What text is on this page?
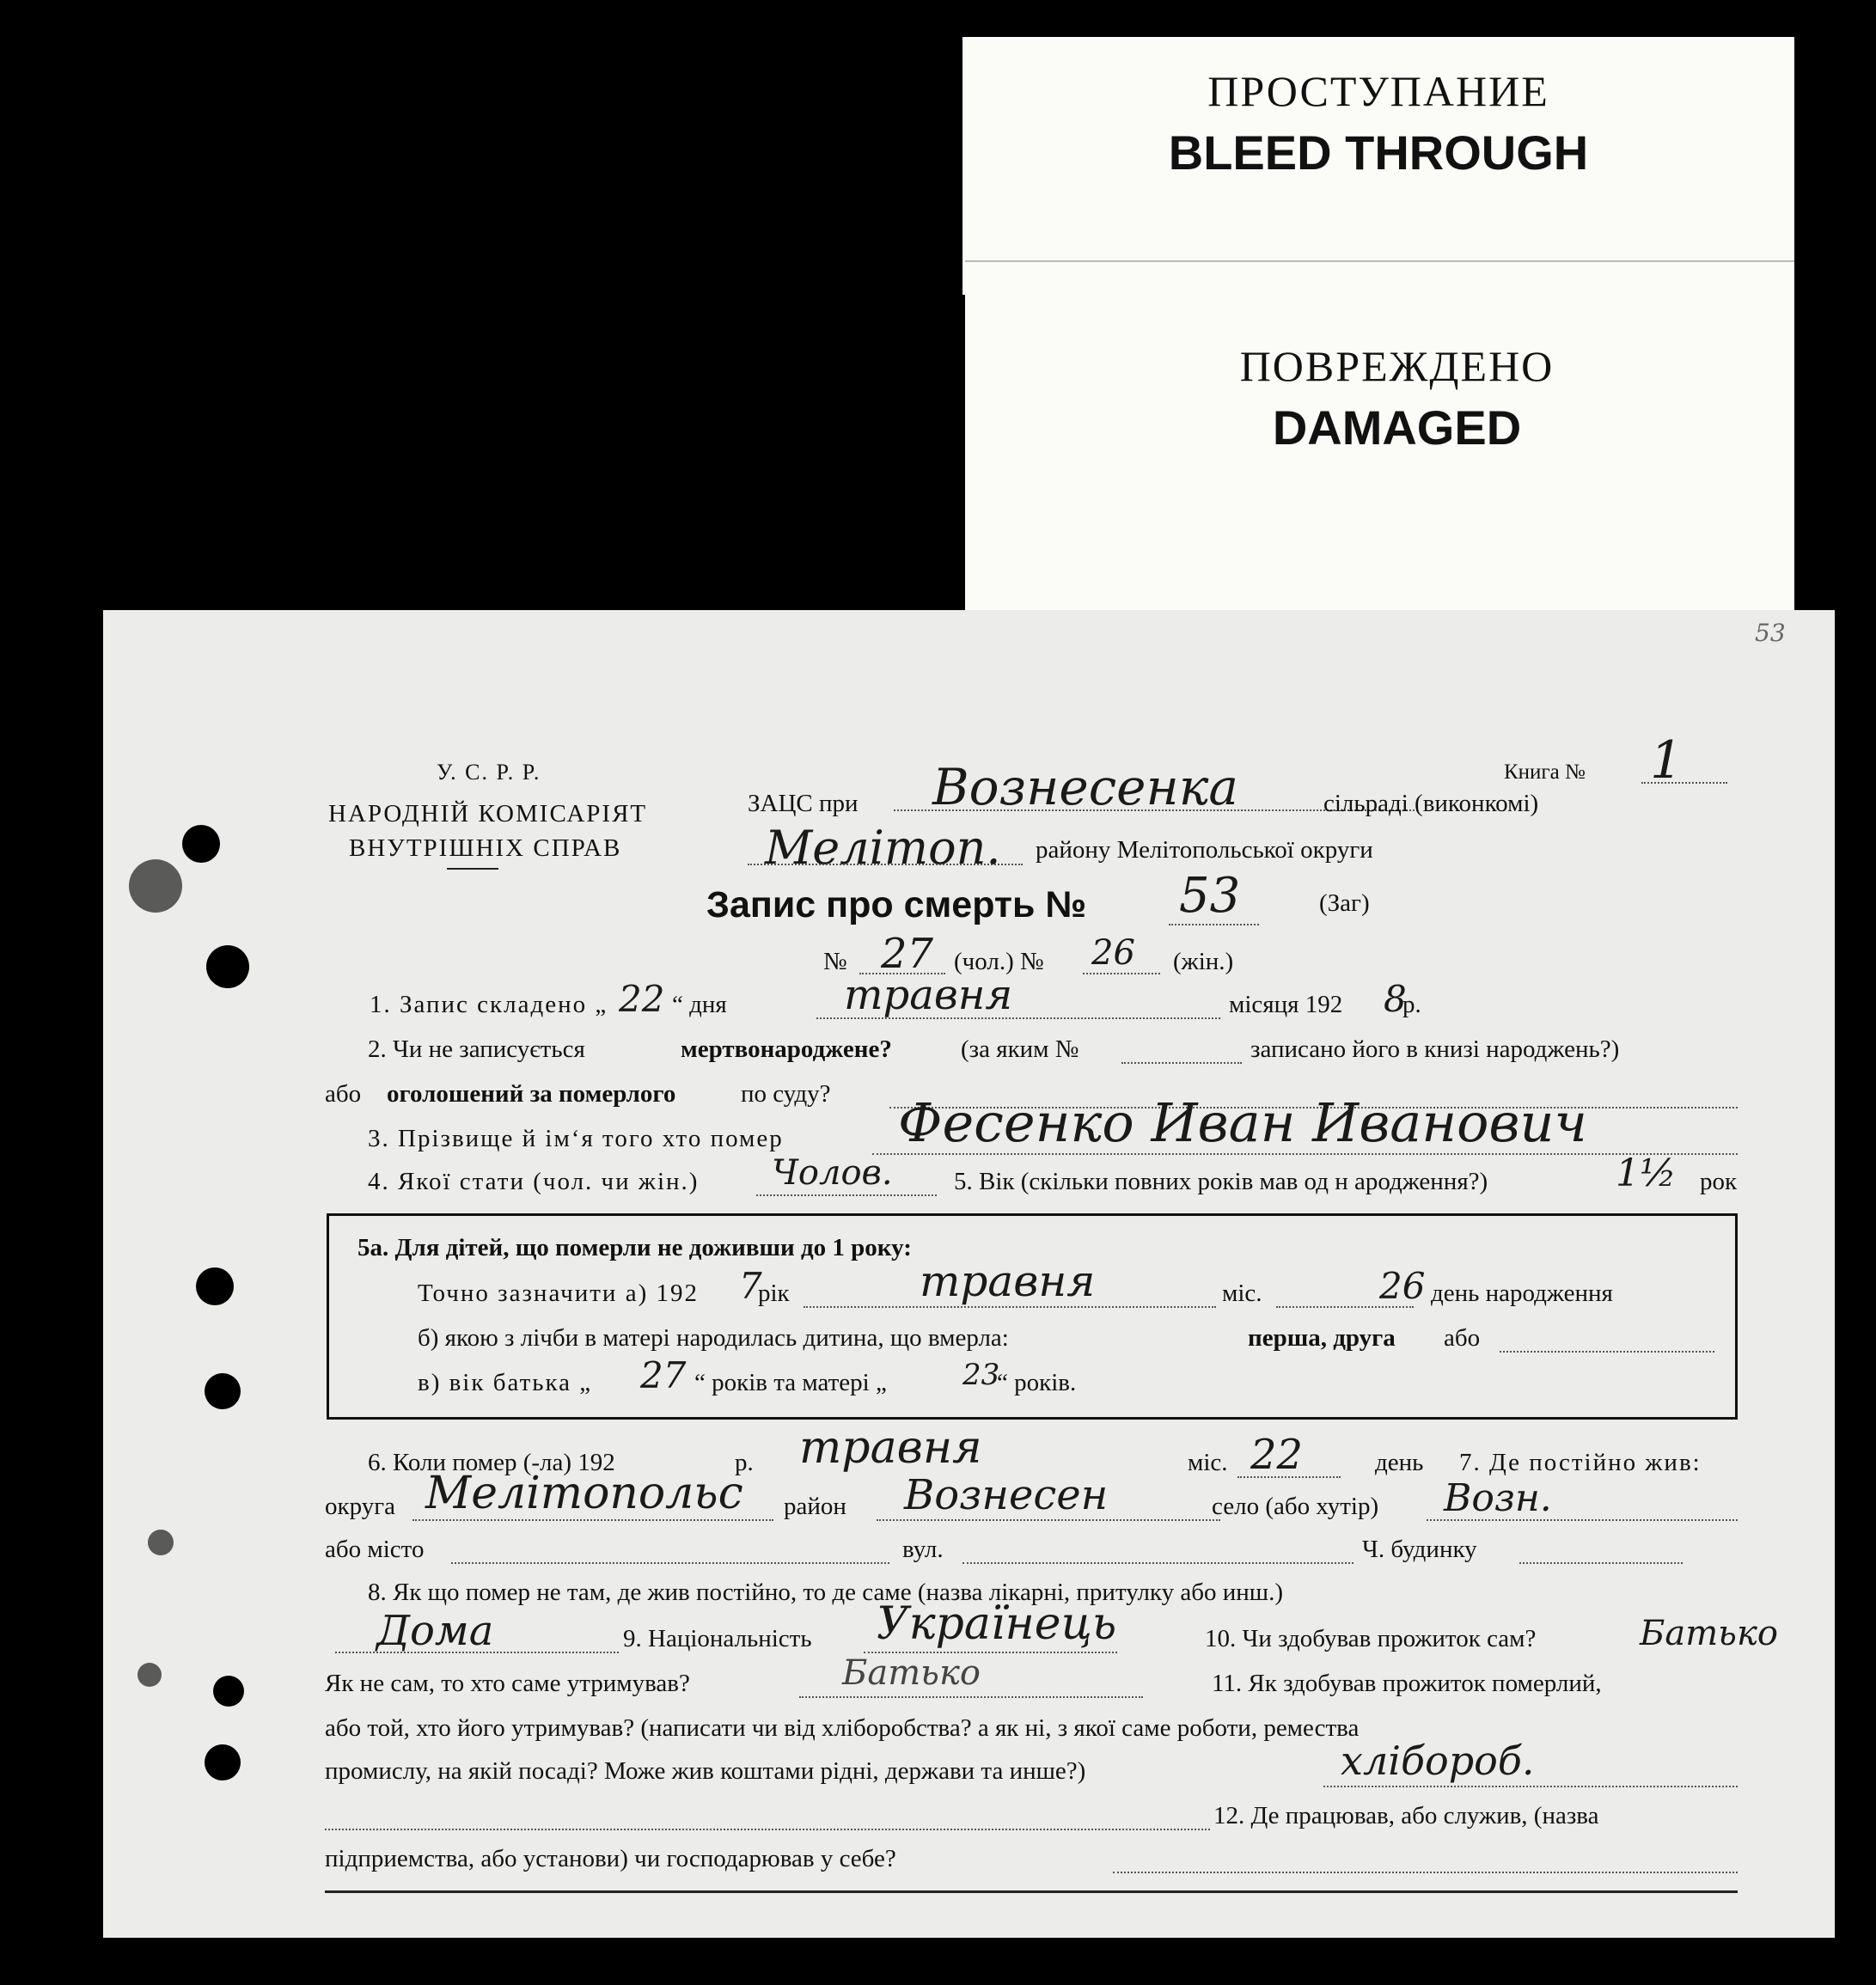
ПРОСТУПАНИЕ
BLEED THROUGH
ПОВРЕЖДЕНО
DAMAGED
53
У. С. Р. Р.
НАРОДНІЙ КОМІСАРІЯТ
ВНУТРІШНІХ СПРАВ
Книга № 1
ЗАЦС при Вознесенка	сільраді (виконкомі)
Мелітоп. району Мелітопольської округи
Запис про смерть № 53	(Заг)
№ 27 (чол.) № 26 (жін.)
1. Запис складено „ 22 “ дня	травня	місяця 192 8
р.
2. Чи не записується	мертвонароджене?	(за яким №	записано його в книзі народжень?)
або оголошений за померлого	по суду?
3. Прізвище й ім‘я того хто помер Фесенко Иван Иванович
4. Якої стати (чол. чи жін.) Чолов. 5. Вік (скільки повних років мав од н ародження?)	1½ рок
5а. Для дітей, що померли не доживши до 1 року:
Точно зазначити а) 192 7
рік	травня	міс.	26 день народження
б) якою з лічби в матері народилась дитина, що вмерла:	перша, друга або
в) вік батька „ 27 “ років та матері „	23
“ років.
6. Коли помер (-ла) 192	р. травня	міс. 22	день 7. Де постійно жив:
округа Мелітопольс район Вознесен	село (або хутір) Возн.
або місто	вул.	Ч. будинку
8. Як що помер не там, де жив постійно, то де саме (назва лікарні, притулку або инш.)
Дома	9. Національність Українець	10. Чи здобував прожиток сам?	Батько
Як не сам, то хто саме утримував?	Батько	11. Як здобував прожиток померлий,
або той, хто його утримував? (написати чи від хліборобства? а як ні, з якої саме роботи, ремества
промислу, на якій посаді? Може жив коштами рідні, держави та инше?)	хлібороб.
12. Де працював, або служив, (назва
підприемства, або установи) чи господарював у себе?
